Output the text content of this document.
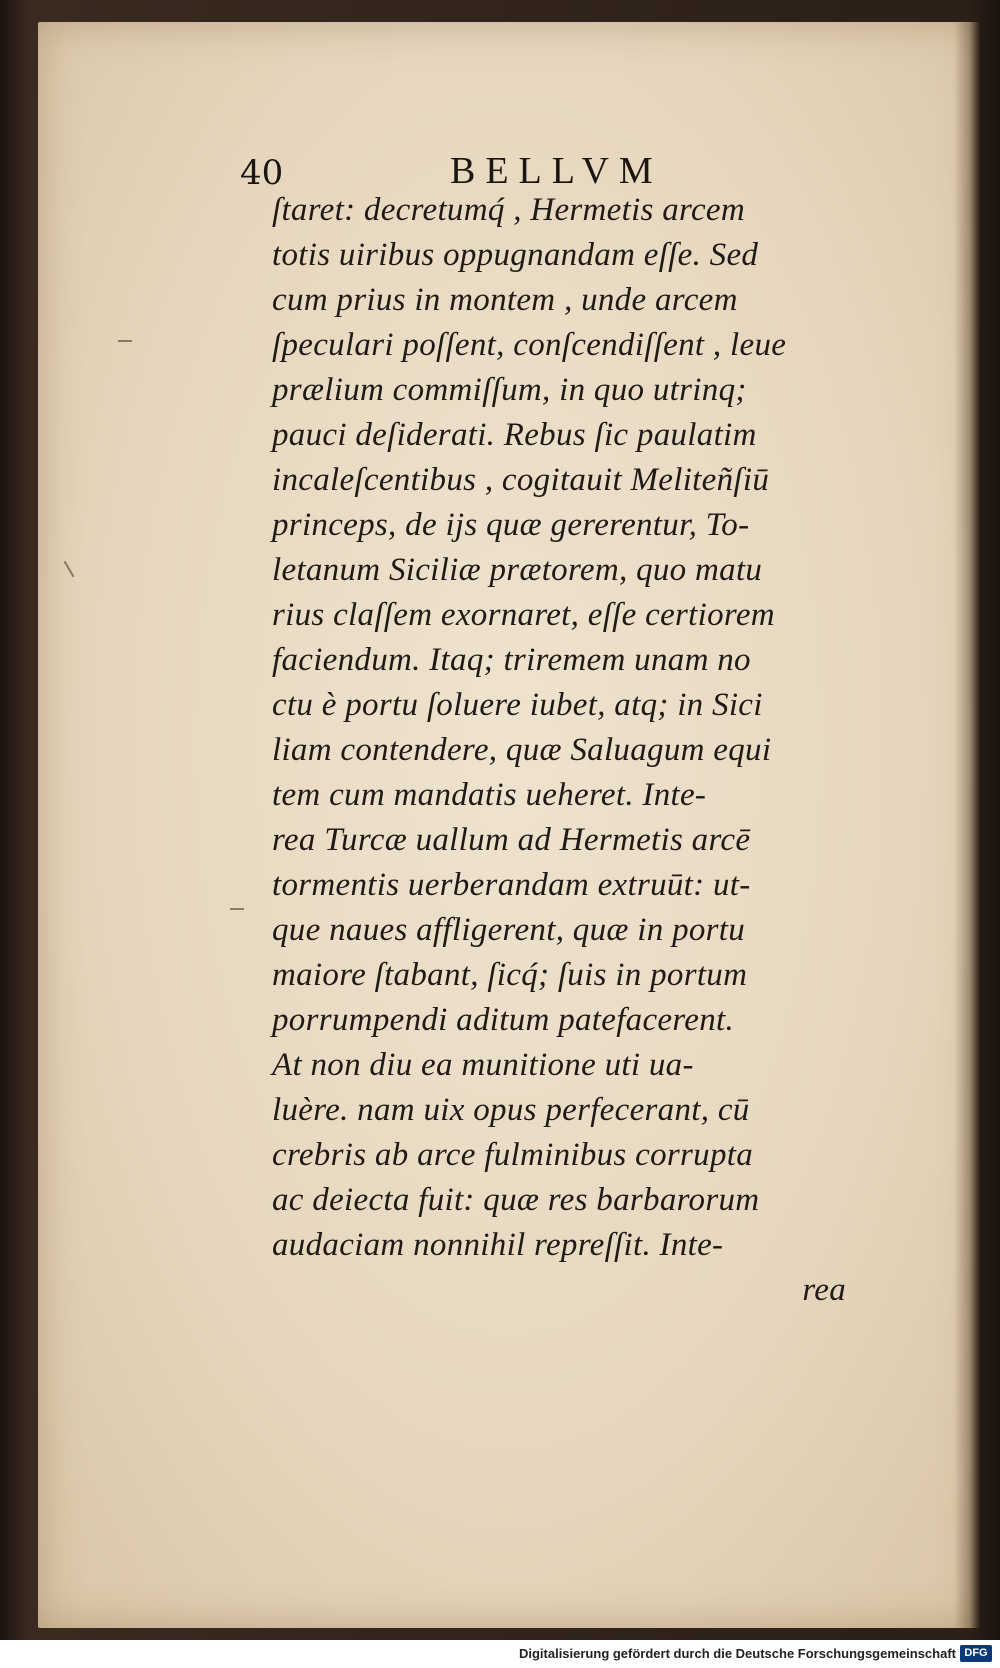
40	BELLVM
ſtaret: decretumq́ , Hermetis arcem
totis uiribus oppugnandam eſſe. Sed
cum prius in montem , unde arcem
ſpeculari poſſent, conſcendiſſent , leue
prælium commiſſum, in quo utrinq;
pauci deſiderati. Rebus ſic paulatim
incaleſcentibus , cogitauit Meliteñſiū
princeps, de ijs quæ gererentur, To-
letanum Siciliæ prætorem, quo matu
rius claſſem exornaret, eſſe certiorem
faciendum. Itaq; triremem unam no
ctu è portu ſoluere iubet, atq; in Sici
liam contendere, quæ Saluagum equi
tem cum mandatis ueheret. Inte-
rea Turcæ uallum ad Hermetis arcē
tormentis uerberandam extruūt: ut-
que naues affligerent, quæ in portu
maiore ſtabant, ſicq́; ſuis in portum
porrumpendi aditum patefacerent.
At non diu ea munitione uti ua-
luère. nam uix opus perfecerant, cū
crebris ab arce fulminibus corrupta
ac deiecta fuit: quæ res barbarorum
audaciam nonnihil repreſſit. Inte-
rea
Digitalisierung gefördert durch die Deutsche Forschungsgemeinschaft DFG
